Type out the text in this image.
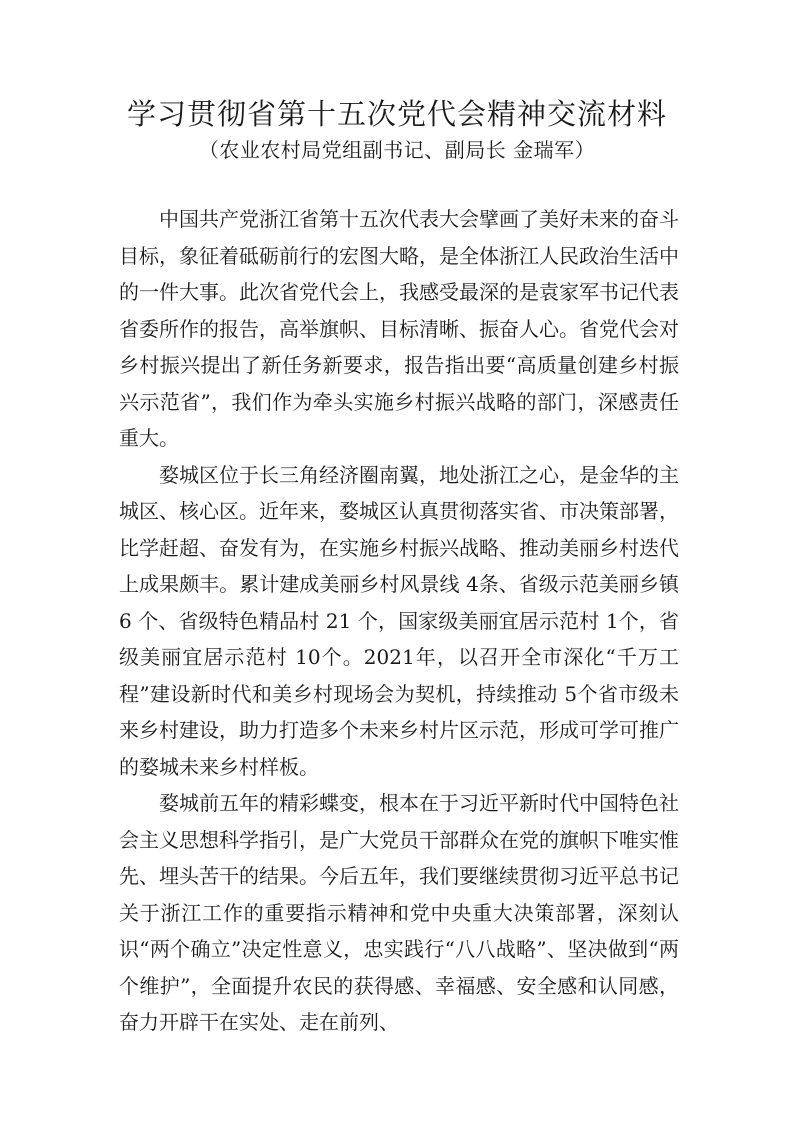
学习贯彻省第十五次党代会精神交流材料
（农业农村局党组副书记、副局长 金瑞军）

中国共产党浙江省第十五次代表大会擘画了美好未来的奋斗目标，象征着砥砺前行的宏图大略，是全体浙江人民政治生活中的一件大事。此次省党代会上，我感受最深的是袁家军书记代表省委所作的报告，高举旗帜、目标清晰、振奋人心。省党代会对乡村振兴提出了新任务新要求，报告指出要“高质量创建乡村振兴示范省”，我们作为牵头实施乡村振兴战略的部门，深感责任重大。

婺城区位于长三角经济圈南翼，地处浙江之心，是金华的主城区、核心区。近年来，婺城区认真贯彻落实省、市决策部署，比学赶超、奋发有为，在实施乡村振兴战略、推动美丽乡村迭代上成果颇丰。累计建成美丽乡村风景线 4条、省级示范美丽乡镇 6 个、省级特色精品村 21 个，国家级美丽宜居示范村 1个，省级美丽宜居示范村 10个。2021年，以召开全市深化“千万工程”建设新时代和美乡村现场会为契机，持续推动 5个省市级未来乡村建设，助力打造多个未来乡村片区示范，形成可学可推广的婺城未来乡村样板。

婺城前五年的精彩蝶变，根本在于习近平新时代中国特色社会主义思想科学指引，是广大党员干部群众在党的旗帜下唯实惟先、埋头苦干的结果。今后五年，我们要继续贯彻习近平总书记关于浙江工作的重要指示精神和党中央重大决策部署，深刻认识“两个确立”决定性意义，忠实践行“八八战略”、坚决做到“两个维护”，全面提升农民的获得感、幸福感、安全感和认同感，奋力开辟干在实处、走在前列、
